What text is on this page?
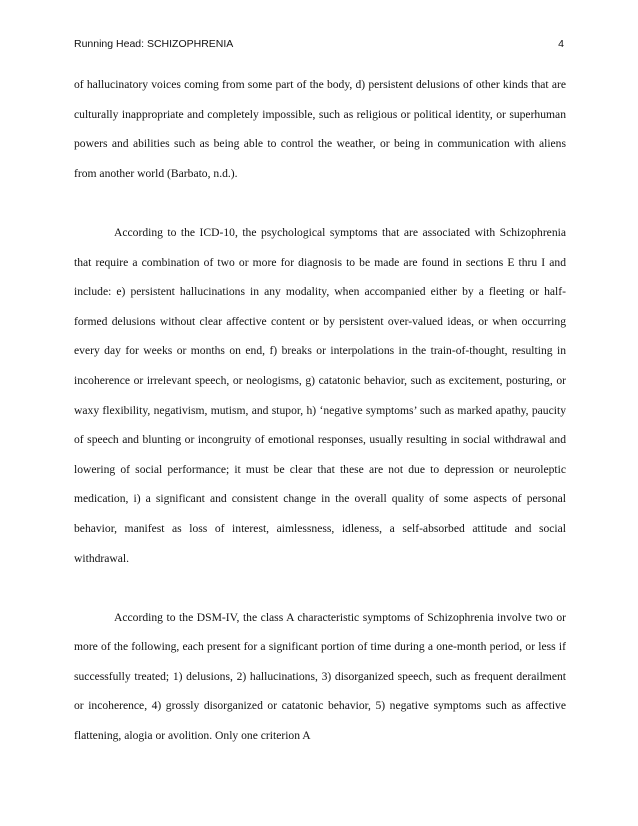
Running Head: SCHIZOPHRENIA	4

of hallucinatory voices coming from some part of the body, d) persistent delusions of other kinds that are culturally inappropriate and completely impossible, such as religious or political identity, or superhuman powers and abilities such as being able to control the weather, or being in communication with aliens from another world (Barbato, n.d.).

According to the ICD-10, the psychological symptoms that are associated with Schizophrenia that require a combination of two or more for diagnosis to be made are found in sections E thru I and include: e) persistent hallucinations in any modality, when accompanied either by a fleeting or half-formed delusions without clear affective content or by persistent over-valued ideas, or when occurring every day for weeks or months on end, f) breaks or interpolations in the train-of-thought, resulting in incoherence or irrelevant speech, or neologisms, g) catatonic behavior, such as excitement, posturing, or waxy flexibility, negativism, mutism, and stupor, h) ‘negative symptoms’ such as marked apathy, paucity of speech and blunting or incongruity of emotional responses, usually resulting in social withdrawal and lowering of social performance; it must be clear that these are not due to depression or neuroleptic medication, i) a significant and consistent change in the overall quality of some aspects of personal behavior, manifest as loss of interest, aimlessness, idleness, a self-absorbed attitude and social withdrawal.

According to the DSM-IV, the class A characteristic symptoms of Schizophrenia involve two or more of the following, each present for a significant portion of time during a one-month period, or less if successfully treated; 1) delusions, 2) hallucinations, 3) disorganized speech, such as frequent derailment or incoherence, 4) grossly disorganized or catatonic behavior, 5) negative symptoms such as affective flattening, alogia or avolition. Only one criterion A
